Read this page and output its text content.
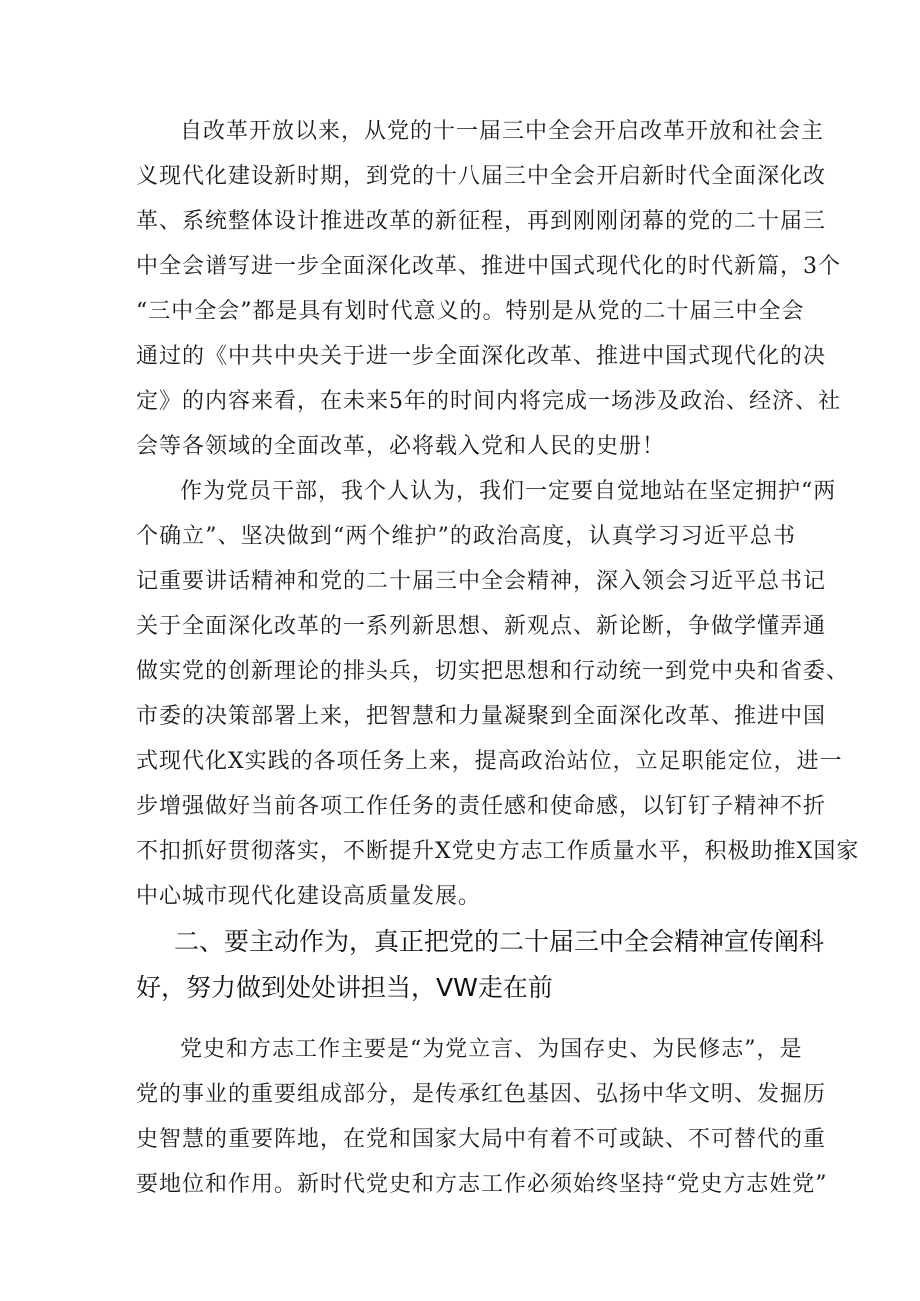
自改革开放以来，从党的十一届三中全会开启改革开放和社会主
义现代化建设新时期，到党的十八届三中全会开启新时代全面深化改
革、系统整体设计推进改革的新征程，再到刚刚闭幕的党的二十届三
中全会谱写进一步全面深化改革、推进中国式现代化的时代新篇，3个
“三中全会”都是具有划时代意义的。特别是从党的二十届三中全会
通过的《中共中央关于进一步全面深化改革、推进中国式现代化的决
定》的内容来看，在未来5年的时间内将完成一场涉及政治、经济、社
会等各领域的全面改革，必将载入党和人民的史册！
作为党员干部，我个人认为，我们一定要自觉地站在坚定拥护“两
个确立”、坚决做到“两个维护”的政治高度，认真学习习近平总书
记重要讲话精神和党的二十届三中全会精神，深入领会习近平总书记
关于全面深化改革的一系列新思想、新观点、新论断，争做学懂弄通
做实党的创新理论的排头兵，切实把思想和行动统一到党中央和省委、
市委的决策部署上来，把智慧和力量凝聚到全面深化改革、推进中国
式现代化X实践的各项任务上来，提高政治站位，立足职能定位，进一
步增强做好当前各项工作任务的责任感和使命感，以钉钉子精神不折
不扣抓好贯彻落实，不断提升X党史方志工作质量水平，积极助推X国家
中心城市现代化建设高质量发展。
二、要主动作为，真正把党的二十届三中全会精神宣传阐科
好，努力做到处处讲担当，VW走在前
党史和方志工作主要是“为党立言、为国存史、为民修志”，是
党的事业的重要组成部分，是传承红色基因、弘扬中华文明、发掘历
史智慧的重要阵地，在党和国家大局中有着不可或缺、不可替代的重
要地位和作用。新时代党史和方志工作必须始终坚持“党史方志姓党”
